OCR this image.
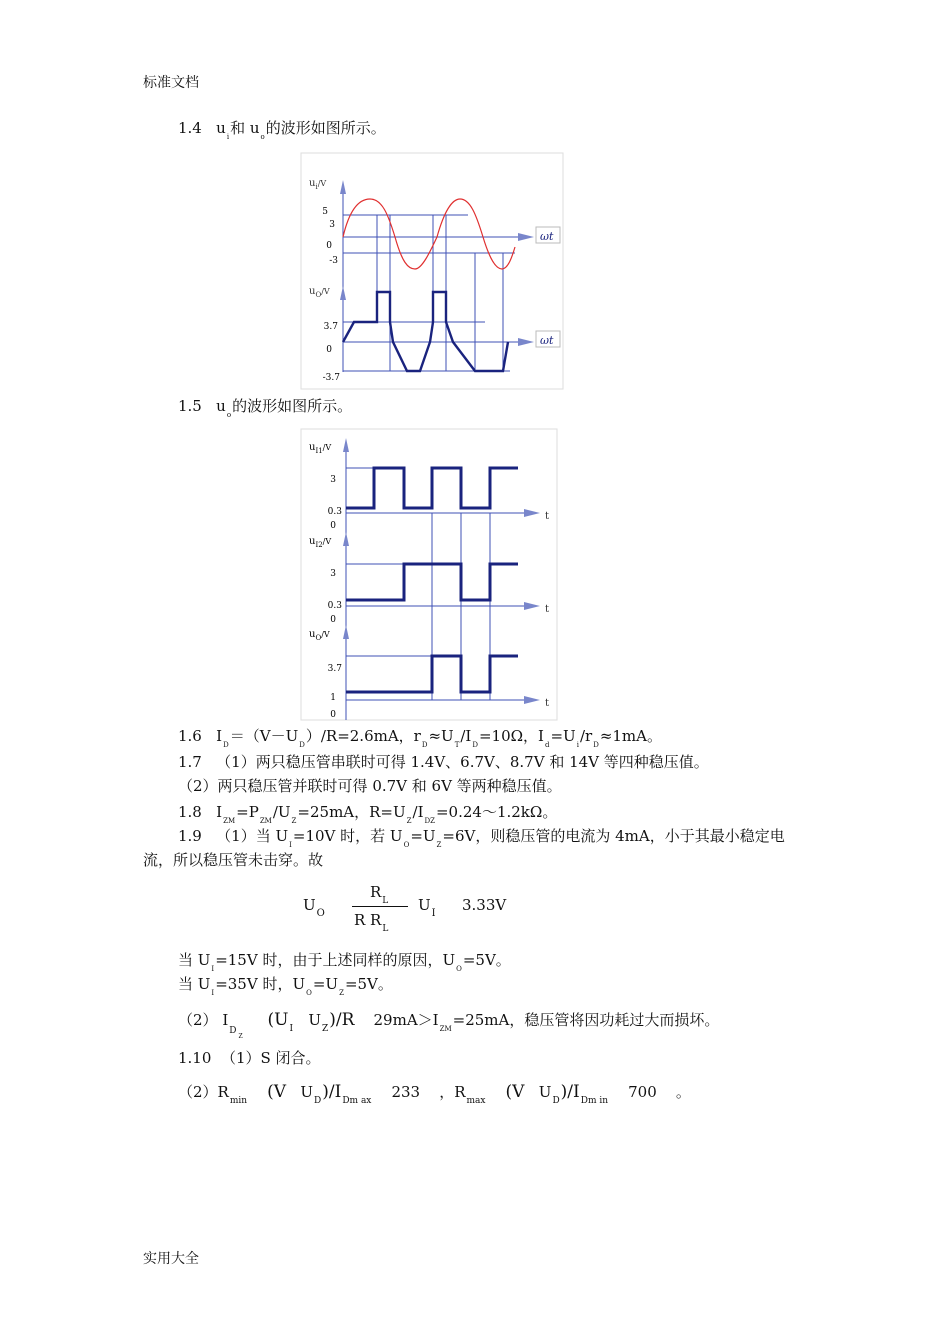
标准文档
实用大全
1.4 $u_i$和 $u_o$的波形如图所示。
$u_i^{/V}$
5
3
0
-3
$u_O^{/V}$
3.7
0
-3.7
ωt
ωt
1.5 $u_o$的波形如图所示。
$u_{I1}^{/V}$
3
0.3
0
$u_{I2}^{/V}$
3
0.3
0
$u_O^{/V}$
3.7
1
0
t
t
t
1.6 $I_D=(V-U_D)/R=2.6mA$，$r_D\approx U_T/I_D=10\Omega$，$I_d=U_i/r_D\approx 1mA$。
1.7 （1）两只稳压管串联时可得 1.4V、6.7V、8.7V 和 14V 等四种稳压值。
（2）两只稳压管并联时可得 0.7V 和 6V 等两种稳压值。
1.8 $I_{ZM}=P_{ZM}/U_Z=25mA$，$R=U_Z/I_{DZ}=0.24\sim 1.2k\Omega$。
1.9 （1）当 $U_I=10V$ 时，若 $U_O=U_Z=6V$，则稳压管的电流为 4mA，小于其最小稳定电
流，所以稳压管未击穿。故
$U_O$
$R_L$
R $R_L$
$U_I$ 3.33V
当 $U_I=15V$ 时，由于上述同样的原因，$U_O=5V$。
当 $U_I=35V$ 时，$U_O=U_Z=5V$。
（2） $I_{DZ}$     ($U_I$ $U_Z)/R$ $29mA>I_{ZM}=25mA$，稳压管将因功耗过大而损坏。
1.10 （1）S 闭合。
$(2)R_{min}$ (V $U_D)/I_{Dm ax}$ 233 ，$R_{max}$ (V $U_D)/I_{Dm in}$ 700 。
